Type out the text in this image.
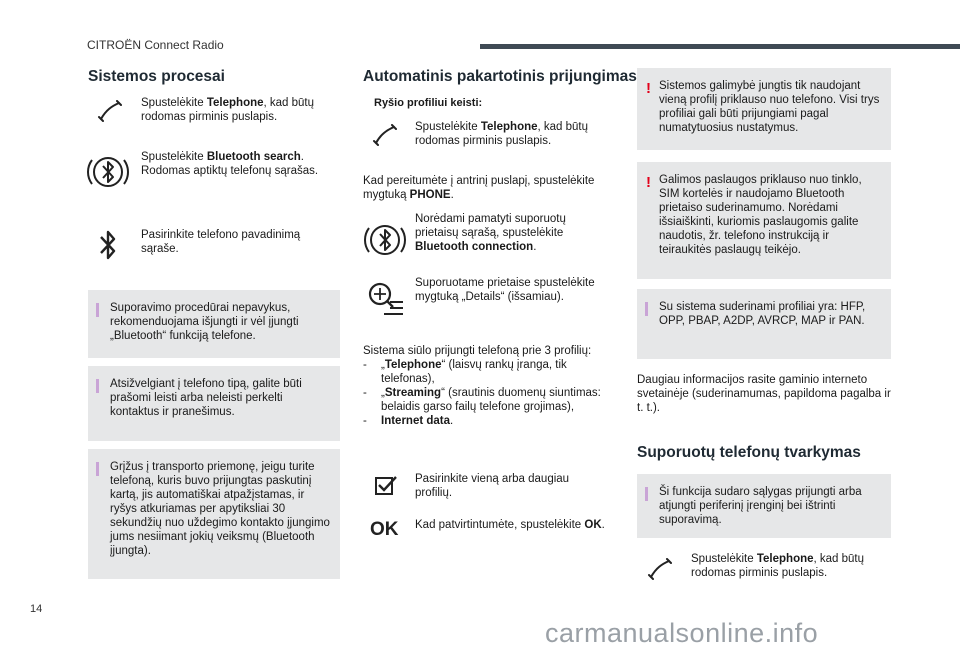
CITROËN Connect Radio
Sistemos procesai
Spustelėkite Telephone, kad būtų rodomas pirminis puslapis.
Spustelėkite Bluetooth search. Rodomas aptiktų telefonų sąrašas.
Pasirinkite telefono pavadinimą sąraše.
Suporavimo procedūrai nepavykus, rekomenduojama išjungti ir vėl įjungti „Bluetooth“ funkciją telefone.
Atsižvelgiant į telefono tipą, galite būti prašomi leisti arba neleisti perkelti kontaktus ir pranešimus.
Grįžus į transporto priemonę, jeigu turite telefoną, kuris buvo prijungtas paskutinį kartą, jis automatiškai atpažįstamas, ir ryšys atkuriamas per apytiksliai 30 sekundžių nuo uždegimo kontakto įjungimo jums nesiimant jokių veiksmų (Bluetooth įjungta).
Automatinis pakartotinis prijungimas
Ryšio profiliui keisti:
Spustelėkite Telephone, kad būtų rodomas pirminis puslapis.
Kad pereitumėte į antrinį puslapį, spustelėkite mygtuką PHONE.
Norėdami pamatyti suporuotų prietaisų sąrašą, spustelėkite Bluetooth connection.
Suporuotame prietaise spustelėkite mygtuką „Details“ (išsamiau).
Sistema siūlo prijungti telefoną prie 3 profilių:
- „Telephone“ (laisvų rankų įranga, tik telefonas),
- „Streaming“ (srautinis duomenų siuntimas: belaidis garso failų telefone grojimas),
- Internet data.
Pasirinkite vieną arba daugiau profilių.
OK Kad patvirtintumėte, spustelėkite OK.
! Sistemos galimybė jungtis tik naudojant vieną profilį priklauso nuo telefono. Visi trys profiliai gali būti prijungiami pagal numatytuosius nustatymus.
! Galimos paslaugos priklauso nuo tinklo, SIM kortelės ir naudojamo Bluetooth prietaiso suderinamumo. Norėdami išsiaiškinti, kuriomis paslaugomis galite naudotis, žr. telefono instrukciją ir teiraukitės paslaugų teikėjo.
Su sistema suderinami profiliai yra: HFP, OPP, PBAP, A2DP, AVRCP, MAP ir PAN.
Daugiau informacijos rasite gaminio interneto svetainėje (suderinamumas, papildoma pagalba ir t. t.).
Suporuotų telefonų tvarkymas
Ši funkcija sudaro sąlygas prijungti arba atjungti periferinį įrenginį bei ištrinti suporavimą.
Spustelėkite Telephone, kad būtų rodomas pirminis puslapis.
14
carmanualsonline.info
